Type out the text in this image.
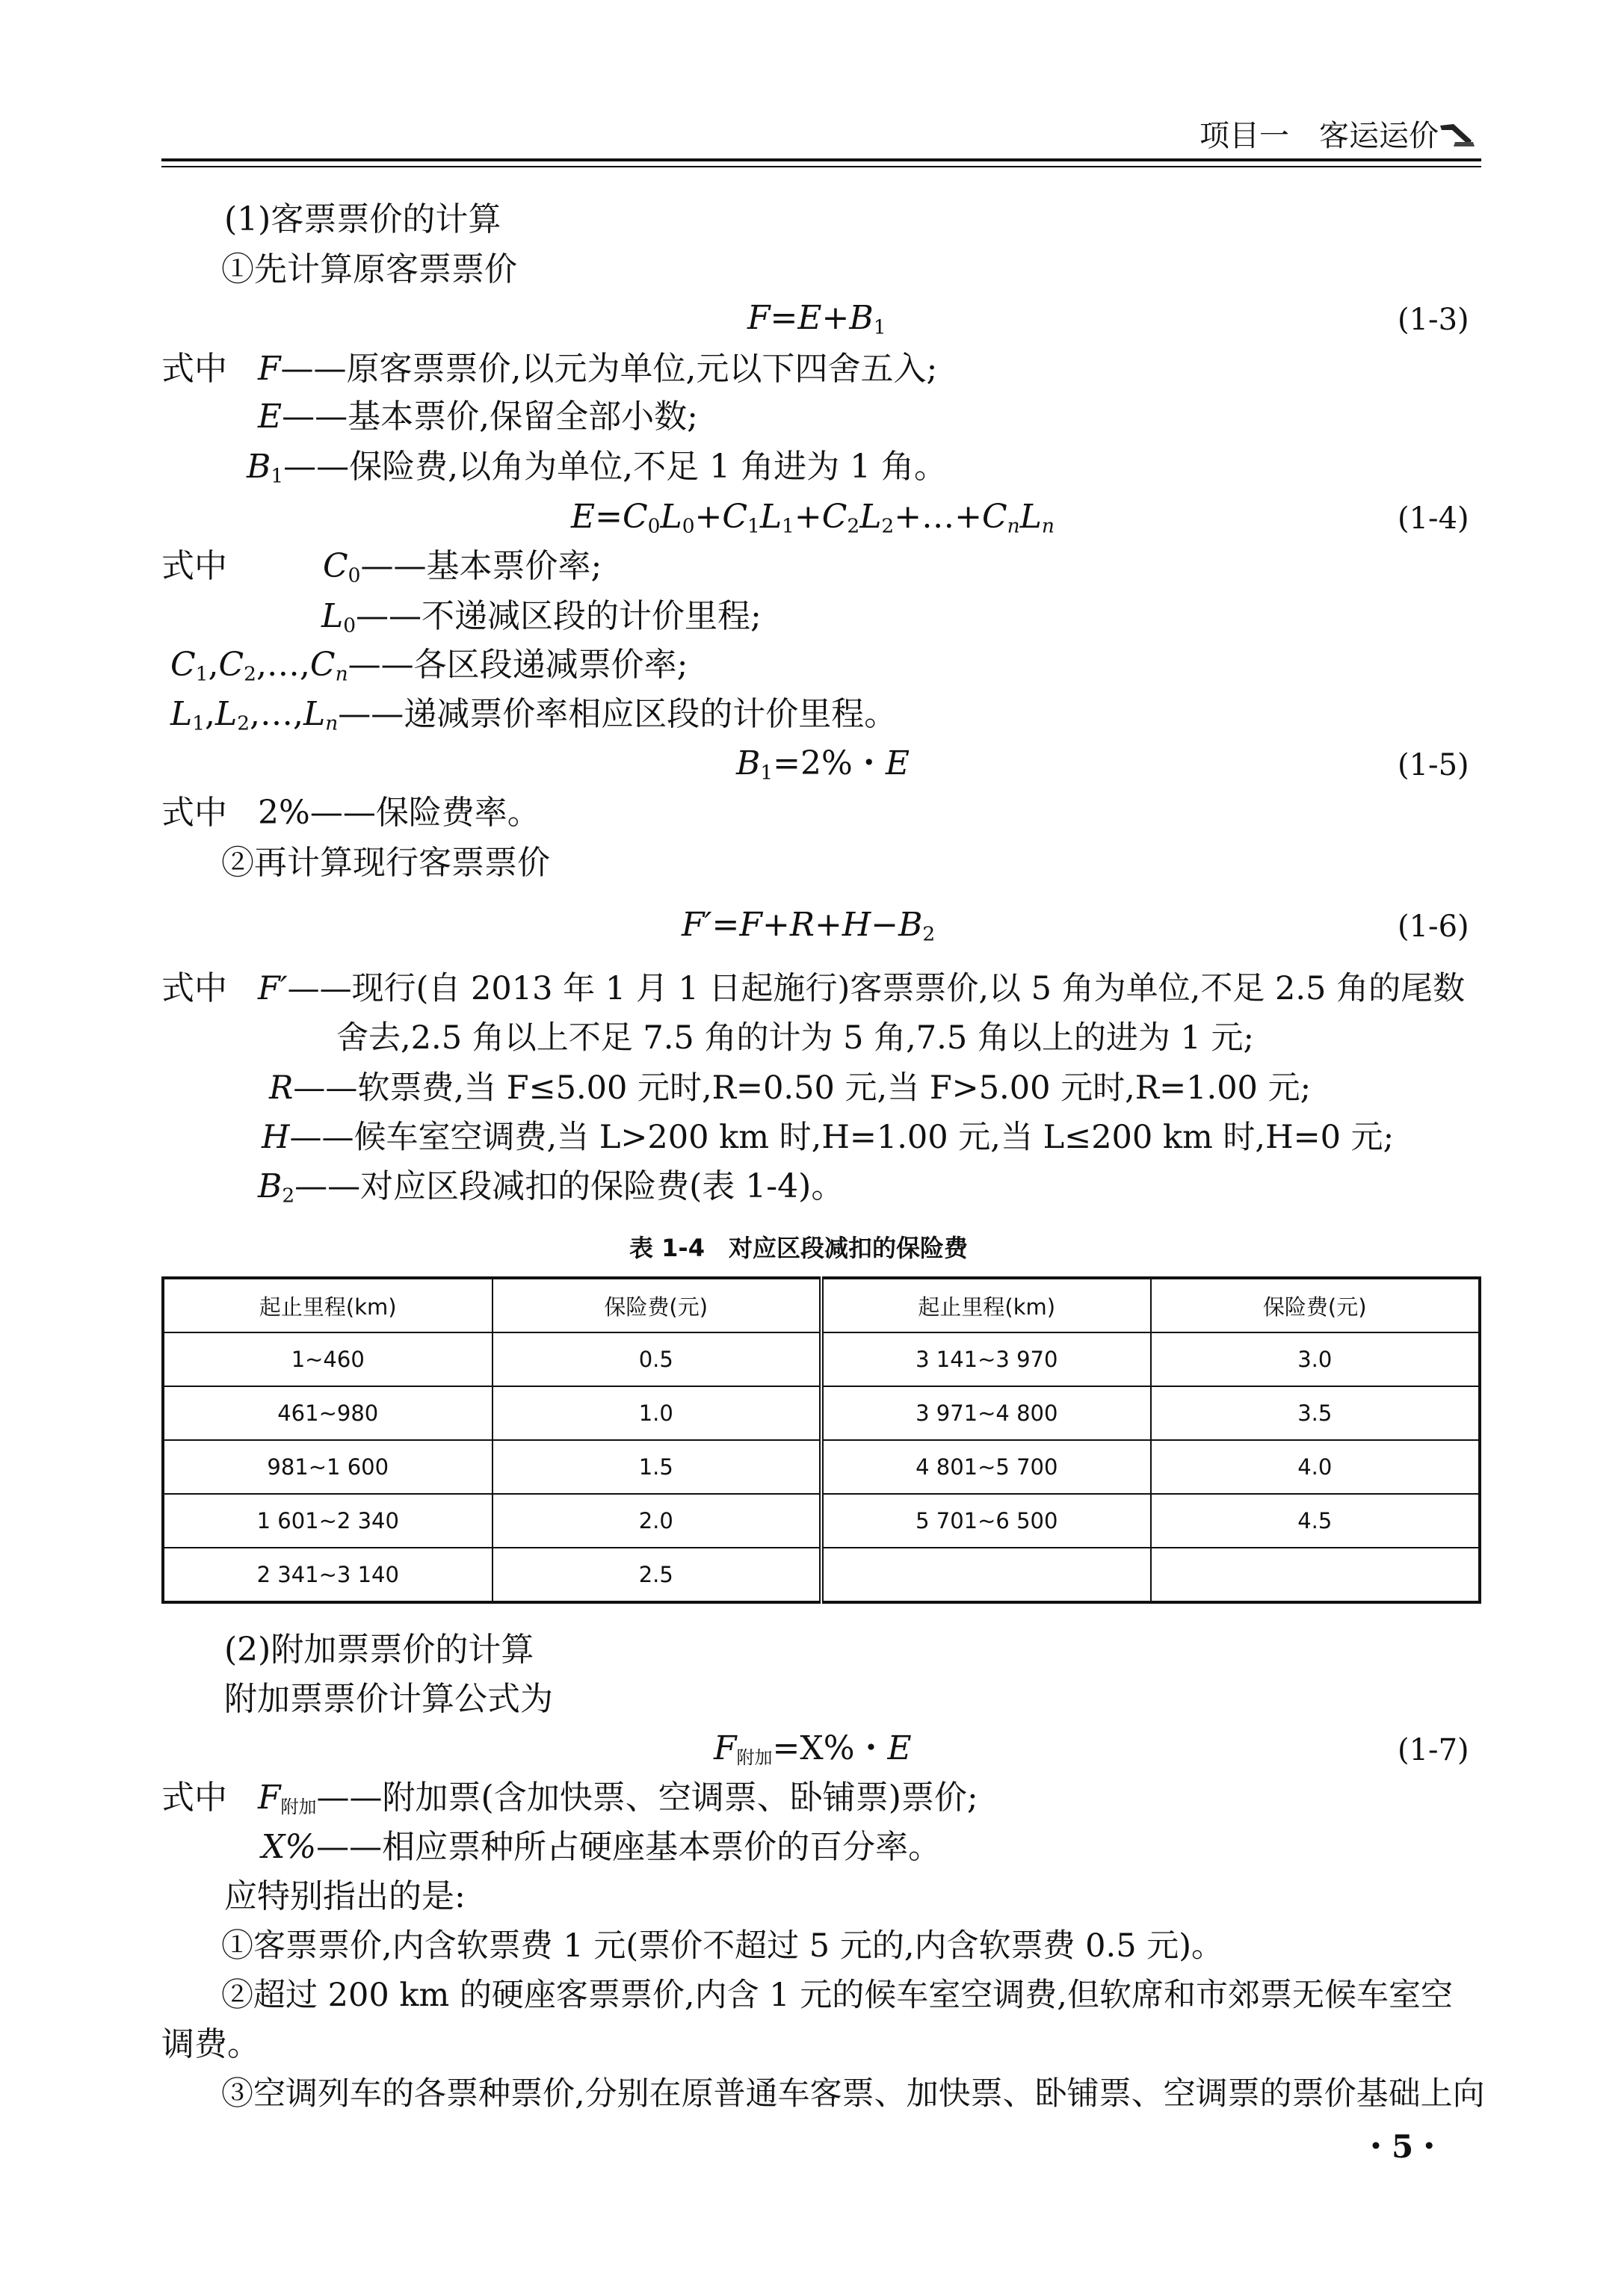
项目一　客运运价
(1)客票票价的计算
①先计算原客票票价
$F=E+B_1$	(1-3)
式中 F——原客票票价,以元为单位,元以下四舍五入;
E——基本票价,保留全部小数;
$B_1——$保险费,以角为单位,不足 1 角进为 1 角。
$E=C_0L_0+C_1L_1+C_2L_2+\dots+C_nL_n$	(1-4)
式中	$C_0——$基本票价率;
$L_0——$不递减区段的计价里程;
$C_1,C_2,\dots,C_n——$各区段递减票价率;
$L_1,L_2,\dots,L_n——$递减票价率相应区段的计价里程。
$B_1=2\%$・E	(1-5)
式中 2%——保险费率。
②再计算现行客票票价
$F'=F+R+H-B_2$	(1-6)
式中 F′——现行(自 2013 年 1 月 1 日起施行)客票票价,以 5 角为单位,不足 2.5 角的尾数
舍去,2.5 角以上不足 7.5 角的计为 5 角,7.5 角以上的进为 1 元;
R——软票费,当 F≤5.00 元时,R=0.50 元,当 F>5.00 元时,R=1.00 元;
H——候车室空调费,当 L>200 km 时,H=1.00 元,当 L≤200 km 时,H=0 元;
$B_2——$对应区段减扣的保险费(表 1-4)。
表 1-4　对应区段减扣的保险费
起止里程(km)	保险费(元)	起止里程(km)	保险费(元)
1~460	0.5	3 141~3 970	3.0
461~980	1.0	3 971~4 800	3.5
981~1 600	1.5	4 801~5 700	4.0
1 601~2 340	2.0	5 701~6 500	4.5
2 341~3 140	2.5		
(2)附加票票价的计算
附加票票价计算公式为
$F_{附加}=X\%$・E	(1-7)
式中 $F_{附加}——$附加票(含加快票、空调票、卧铺票)票价;
X%——相应票种所占硬座基本票价的百分率。
应特别指出的是:
①客票票价,内含软票费 1 元(票价不超过 5 元的,内含软票费 0.5 元)。
②超过 200 km 的硬座客票票价,内含 1 元的候车室空调费,但软席和市郊票无候车室空
调费。
③空调列车的各票种票价,分别在原普通车客票、加快票、卧铺票、空调票的票价基础上向
・5・
